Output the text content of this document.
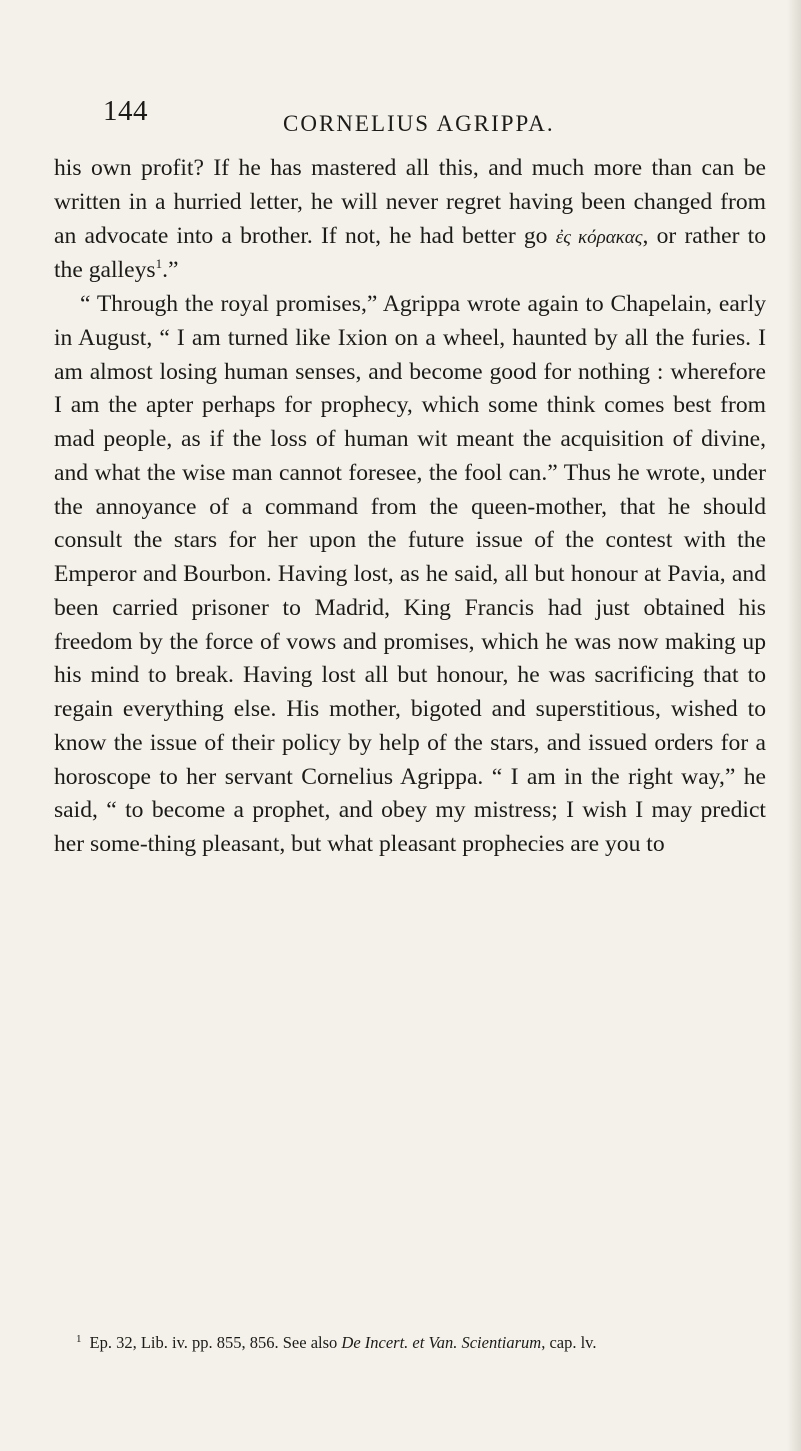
144	CORNELIUS AGRIPPA.

his own profit? If he has mastered all this, and much more than can be written in a hurried letter, he will never regret having been changed from an advocate into a brother. If not, he had better go ἐς κόρακας, or rather to the galleys$^1$.”

“ Through the royal promises,” Agrippa wrote again to Chapelain, early in August, “ I am turned like Ixion on a wheel, haunted by all the furies. I am almost losing human senses, and become good for nothing : wherefore I am the apter perhaps for prophecy, which some think comes best from mad people, as if the loss of human wit meant the acquisition of divine, and what the wise man cannot foresee, the fool can.” Thus he wrote, under the annoyance of a command from the queen-mother, that he should consult the stars for her upon the future issue of the contest with the Emperor and Bourbon. Having lost, as he said, all but honour at Pavia, and been carried prisoner to Madrid, King Francis had just obtained his freedom by the force of vows and promises, which he was now making up his mind to break. Having lost all but honour, he was sacrificing that to regain everything else. His mother, bigoted and superstitious, wished to know the issue of their policy by help of the stars, and issued orders for a horoscope to her servant Cornelius Agrippa. “ I am in the right way,” he said, “ to become a prophet, and obey my mistress; I wish I may predict her some-thing pleasant, but what pleasant prophecies are you to

$^1$ Ep. 32, Lib. iv. pp. 855, 856. See also De Incert. et Van. Scientiarum, cap. lv.
